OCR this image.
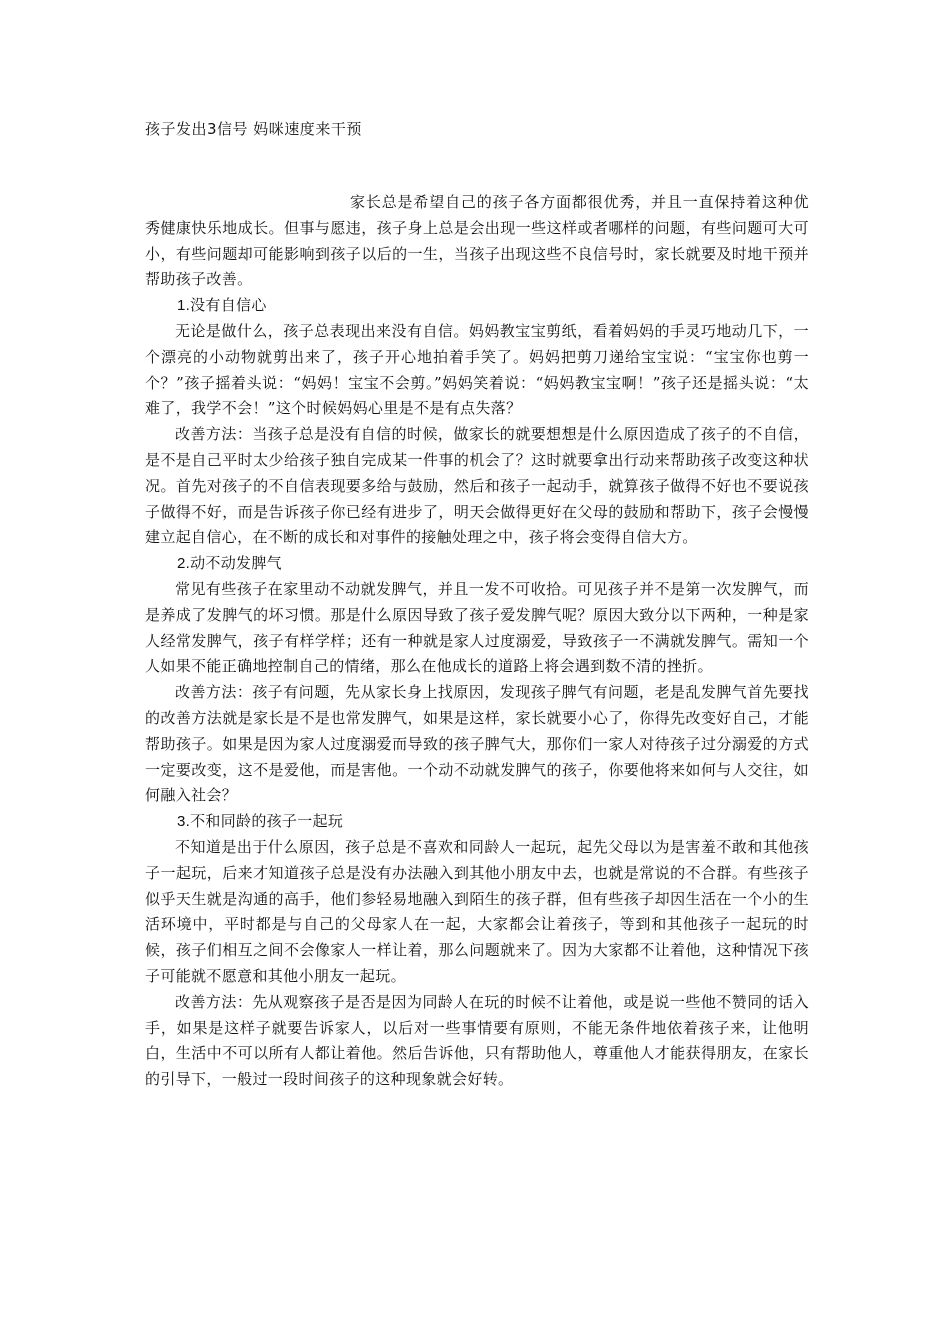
孩子发出3信号 妈咪速度来干预

家长总是希望自己的孩子各方面都很优秀，并且一直保持着这种优秀健康快乐地成长。但事与愿违，孩子身上总是会出现一些这样或者哪样的问题，有些问题可大可小，有些问题却可能影响到孩子以后的一生，当孩子出现这些不良信号时，家长就要及时地干预并帮助孩子改善。

1.没有自信心

无论是做什么，孩子总表现出来没有自信。妈妈教宝宝剪纸，看着妈妈的手灵巧地动几下，一个漂亮的小动物就剪出来了，孩子开心地拍着手笑了。妈妈把剪刀递给宝宝说：“宝宝你也剪一个？”孩子摇着头说：“妈妈！宝宝不会剪。”妈妈笑着说：“妈妈教宝宝啊！”孩子还是摇头说：“太难了，我学不会！”这个时候妈妈心里是不是有点失落？

改善方法：当孩子总是没有自信的时候，做家长的就要想想是什么原因造成了孩子的不自信，是不是自己平时太少给孩子独自完成某一件事的机会了？这时就要拿出行动来帮助孩子改变这种状况。首先对孩子的不自信表现要多给与鼓励，然后和孩子一起动手，就算孩子做得不好也不要说孩子做得不好，而是告诉孩子你已经有进步了，明天会做得更好在父母的鼓励和帮助下，孩子会慢慢建立起自信心，在不断的成长和对事件的接触处理之中，孩子将会变得自信大方。

2.动不动发脾气

常见有些孩子在家里动不动就发脾气，并且一发不可收拾。可见孩子并不是第一次发脾气，而是养成了发脾气的坏习惯。那是什么原因导致了孩子爱发脾气呢？原因大致分以下两种，一种是家人经常发脾气，孩子有样学样；还有一种就是家人过度溺爱，导致孩子一不满就发脾气。需知一个人如果不能正确地控制自己的情绪，那么在他成长的道路上将会遇到数不清的挫折。

改善方法：孩子有问题，先从家长身上找原因，发现孩子脾气有问题，老是乱发脾气首先要找的改善方法就是家长是不是也常发脾气，如果是这样，家长就要小心了，你得先改变好自己，才能帮助孩子。如果是因为家人过度溺爱而导致的孩子脾气大，那你们一家人对待孩子过分溺爱的方式一定要改变，这不是爱他，而是害他。一个动不动就发脾气的孩子，你要他将来如何与人交往，如何融入社会？

3.不和同龄的孩子一起玩

不知道是出于什么原因，孩子总是不喜欢和同龄人一起玩，起先父母以为是害羞不敢和其他孩子一起玩，后来才知道孩子总是没有办法融入到其他小朋友中去，也就是常说的不合群。有些孩子似乎天生就是沟通的高手，他们参轻易地融入到陌生的孩子群，但有些孩子却因生活在一个小的生活环境中，平时都是与自己的父母家人在一起，大家都会让着孩子，等到和其他孩子一起玩的时候，孩子们相互之间不会像家人一样让着，那么问题就来了。因为大家都不让着他，这种情况下孩子可能就不愿意和其他小朋友一起玩。

改善方法：先从观察孩子是否是因为同龄人在玩的时候不让着他，或是说一些他不赞同的话入手，如果是这样子就要告诉家人，以后对一些事情要有原则，不能无条件地依着孩子来，让他明白，生活中不可以所有人都让着他。然后告诉他，只有帮助他人，尊重他人才能获得朋友，在家长的引导下，一般过一段时间孩子的这种现象就会好转。
